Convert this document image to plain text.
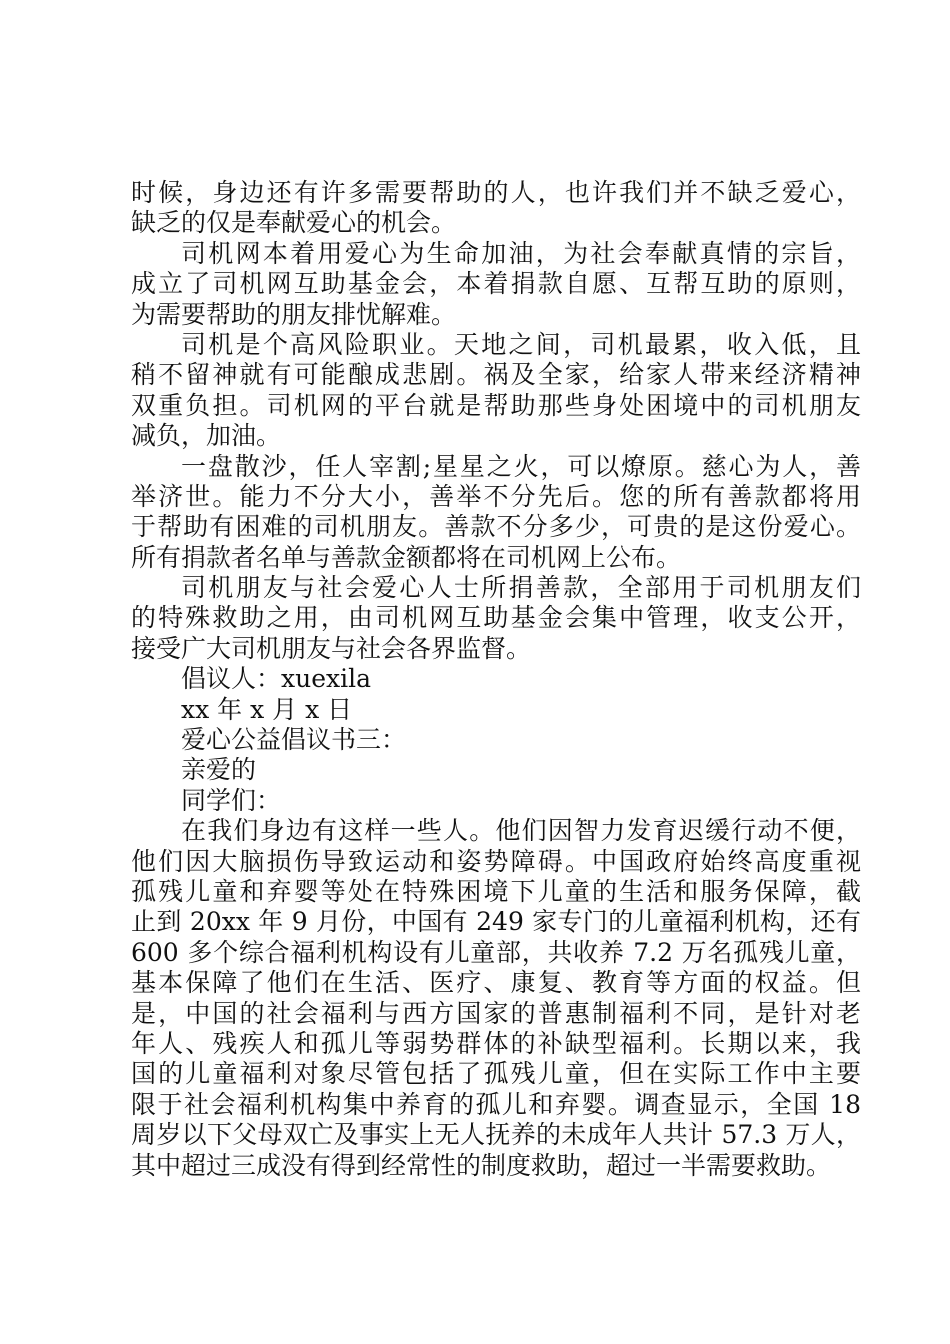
时候，身边还有许多需要帮助的人，也许我们并不缺乏爱心，
缺乏的仅是奉献爱心的机会。
司机网本着用爱心为生命加油，为社会奉献真情的宗旨，
成立了司机网互助基金会，本着捐款自愿、互帮互助的原则，
为需要帮助的朋友排忧解难。
司机是个高风险职业。天地之间，司机最累，收入低，且
稍不留神就有可能酿成悲剧。祸及全家，给家人带来经济精神
双重负担。司机网的平台就是帮助那些身处困境中的司机朋友
减负，加油。
一盘散沙，任人宰割;星星之火，可以燎原。慈心为人，善
举济世。能力不分大小，善举不分先后。您的所有善款都将用
于帮助有困难的司机朋友。善款不分多少，可贵的是这份爱心。
所有捐款者名单与善款金额都将在司机网上公布。
司机朋友与社会爱心人士所捐善款，全部用于司机朋友们
的特殊救助之用，由司机网互助基金会集中管理，收支公开，
接受广大司机朋友与社会各界监督。
倡议人：xuexila
xx 年 x 月 x 日
爱心公益倡议书三：
亲爱的
同学们：
在我们身边有这样一些人。他们因智力发育迟缓行动不便，
他们因大脑损伤导致运动和姿势障碍。中国政府始终高度重视
孤残儿童和弃婴等处在特殊困境下儿童的生活和服务保障，截
止到 20xx 年 9 月份，中国有 249 家专门的儿童福利机构，还有
600 多个综合福利机构设有儿童部，共收养 7.2 万名孤残儿童，
基本保障了他们在生活、医疗、康复、教育等方面的权益。但
是，中国的社会福利与西方国家的普惠制福利不同，是针对老
年人、残疾人和孤儿等弱势群体的补缺型福利。长期以来，我
国的儿童福利对象尽管包括了孤残儿童，但在实际工作中主要
限于社会福利机构集中养育的孤儿和弃婴。调查显示，全国 18
周岁以下父母双亡及事实上无人抚养的未成年人共计 57.3 万人，
其中超过三成没有得到经常性的制度救助，超过一半需要救助。
